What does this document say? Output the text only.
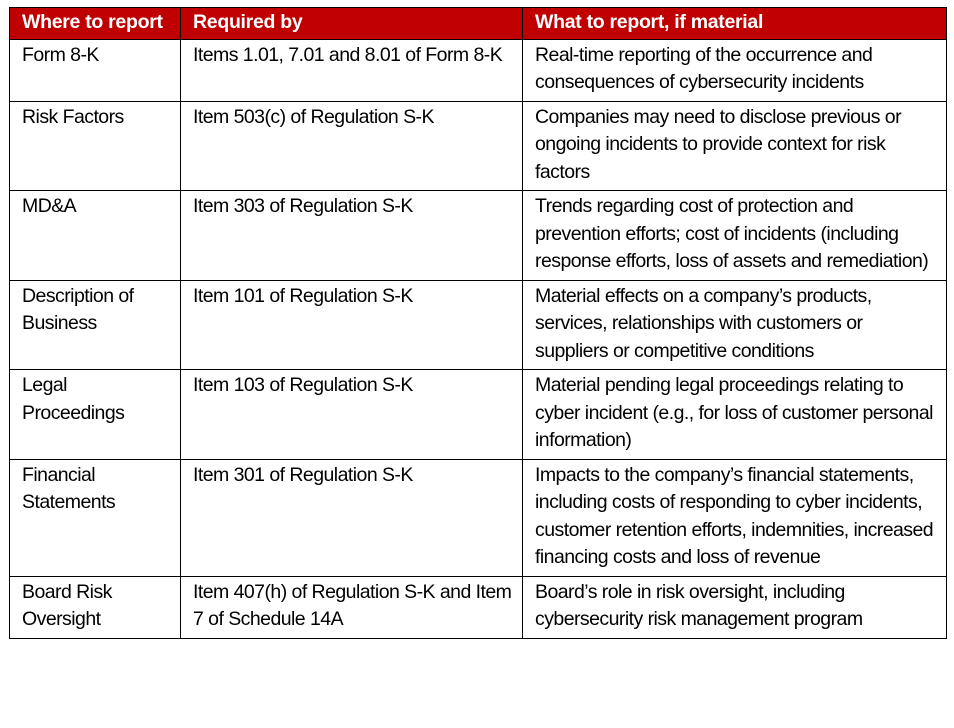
Where to report	Required by	What to report, if material
Form 8-K	Items 1.01, 7.01 and 8.01 of Form 8-K	Real-time reporting of the occurrence and consequences of cybersecurity incidents
Risk Factors	Item 503(c) of Regulation S-K	Companies may need to disclose previous or ongoing incidents to provide context for risk factors
MD&A	Item 303 of Regulation S-K	Trends regarding cost of protection and prevention efforts; cost of incidents (including response efforts, loss of assets and remediation)
Description of Business	Item 101 of Regulation S-K	Material effects on a company’s products, services, relationships with customers or suppliers or competitive conditions
Legal Proceedings	Item 103 of Regulation S-K	Material pending legal proceedings relating to cyber incident (e.g., for loss of customer personal information)
Financial Statements	Item 301 of Regulation S-K	Impacts to the company’s financial statements, including costs of responding to cyber incidents, customer retention efforts, indemnities, increased financing costs and loss of revenue
Board Risk Oversight	Item 407(h) of Regulation S-K and Item 7 of Schedule 14A	Board’s role in risk oversight, including cybersecurity risk management program
